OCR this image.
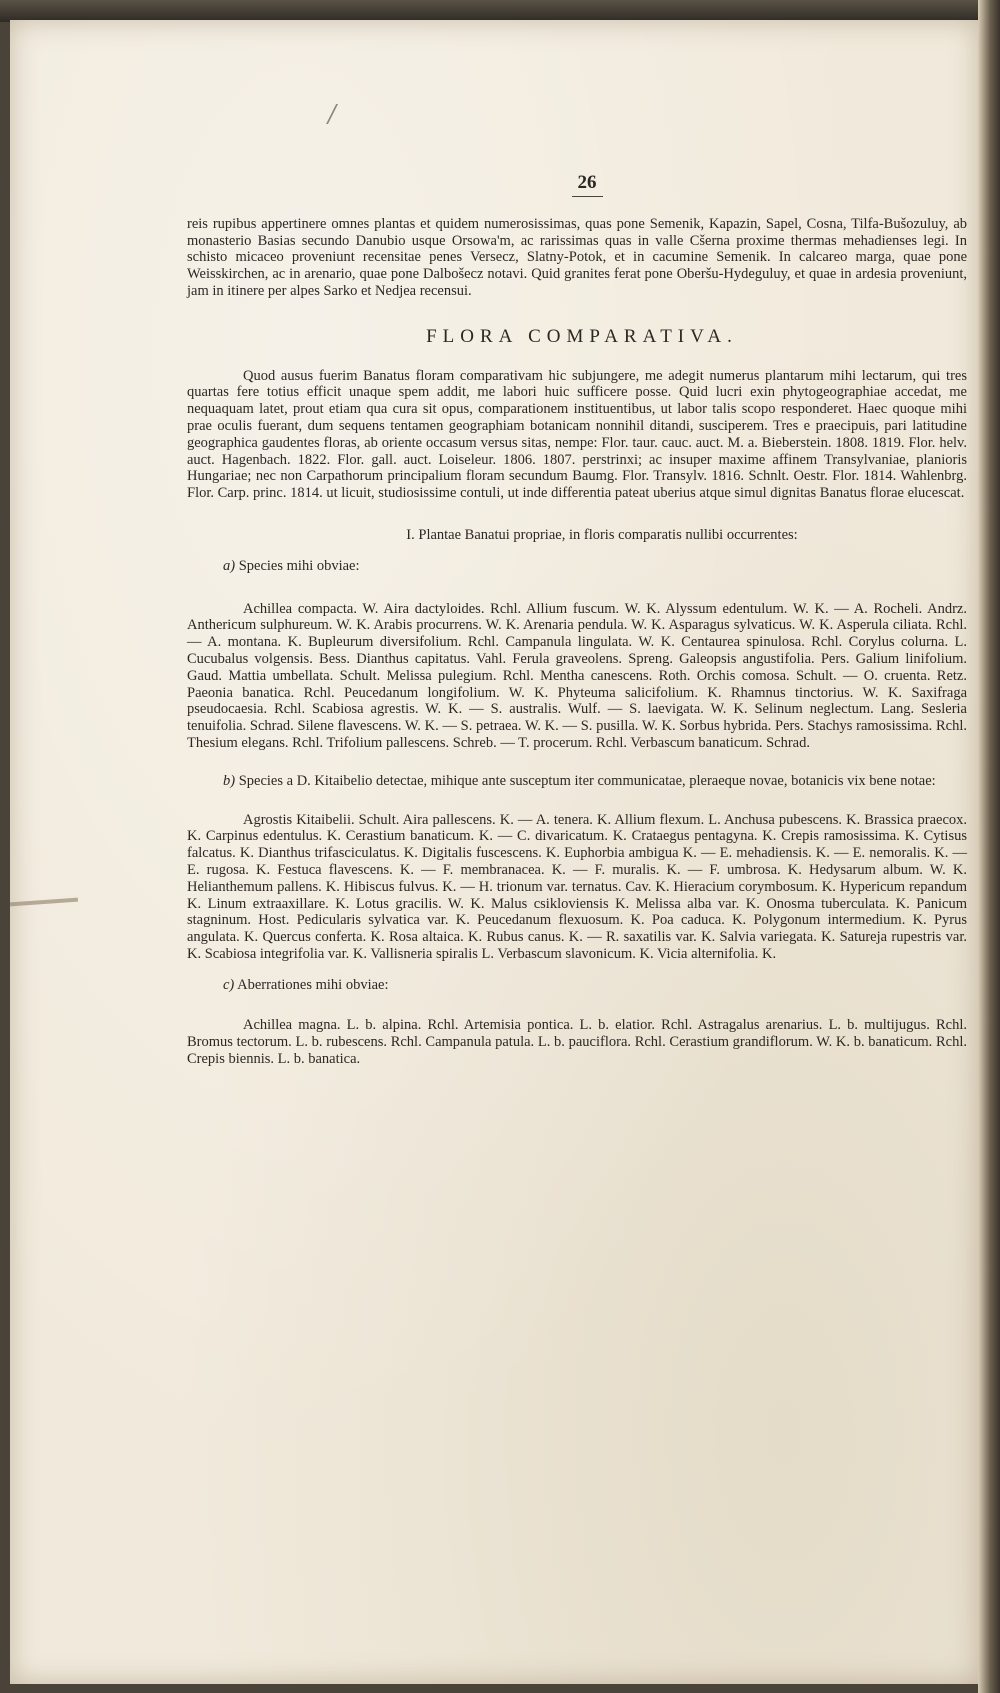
/
26

reis rupibus appertinere omnes plantas et quidem numerosissimas, quas pone Semenik, Kapazin, Sapel, Cosna, Tilfa-Bušozuluy, ab monasterio Basias secundo Danubio usque Orsowa'm, ac rarissimas quas in valle Cšerna proxime thermas mehadienses legi. In schisto micaceo proveniunt recensitae penes Versecz, Slatny-Potok, et in cacumine Semenik. In calcareo marga, quae pone Weisskirchen, ac in arenario, quae pone Dalbošecz notavi. Quid granites ferat pone Oberšu-Hydeguluy, et quae in ardesia proveniunt, jam in itinere per alpes Sarko et Nedjea recensui.

FLORA COMPARATIVA.

Quod ausus fuerim Banatus floram comparativam hic subjungere, me adegit numerus plantarum mihi lectarum, qui tres quartas fere totius efficit unaque spem addit, me labori huic sufficere posse. Quid lucri exin phytogeographiae accedat, me nequaquam latet, prout etiam qua cura sit opus, comparationem instituentibus, ut labor talis scopo responderet. Haec quoque mihi prae oculis fuerant, dum sequens tentamen geographiam botanicam nonnihil ditandi, susciperem. Tres e praecipuis, pari latitudine geographica gaudentes floras, ab oriente occasum versus sitas, nempe: Flor. taur. cauc. auct. M. a. Bieberstein. 1808. 1819. Flor. helv. auct. Hagenbach. 1822. Flor. gall. auct. Loiseleur. 1806. 1807. perstrinxi; ac insuper maxime affinem Transylvaniae, planioris Hungariae; nec non Carpathorum principalium floram secundum Baumg. Flor. Transylv. 1816. Schnlt. Oestr. Flor. 1814. Wahlenbrg. Flor. Carp. princ. 1814. ut licuit, studiosissime contuli, ut inde differentia pateat uberius atque simul dignitas Banatus florae elucescat.

I. Plantae Banatui propriae, in floris comparatis nullibi occurrentes:
a) Species mihi obviae:

Achillea compacta. W. Aira dactyloides. Rchl. Allium fuscum. W. K. Alyssum edentulum. W. K. — A. Rocheli. Andrz. Anthericum sulphureum. W. K. Arabis procurrens. W. K. Arenaria pendula. W. K. Asparagus sylvaticus. W. K. Asperula ciliata. Rchl. — A. montana. K. Bupleurum diversifolium. Rchl. Campanula lingulata. W. K. Centaurea spinulosa. Rchl. Corylus colurna. L. Cucubalus volgensis. Bess. Dianthus capitatus. Vahl. Ferula graveolens. Spreng. Galeopsis angustifolia. Pers. Galium linifolium. Gaud. Mattia umbellata. Schult. Melissa pulegium. Rchl. Mentha canescens. Roth. Orchis comosa. Schult. — O. cruenta. Retz. Paeonia banatica. Rchl. Peucedanum longifolium. W. K. Phyteuma salicifolium. K. Rhamnus tinctorius. W. K. Saxifraga pseudocaesia. Rchl. Scabiosa agrestis. W. K. — S. australis. Wulf. — S. laevigata. W. K. Selinum neglectum. Lang. Sesleria tenuifolia. Schrad. Silene flavescens. W. K. — S. petraea. W. K. — S. pusilla. W. K. Sorbus hybrida. Pers. Stachys ramosissima. Rchl. Thesium elegans. Rchl. Trifolium pallescens. Schreb. — T. procerum. Rchl. Verbascum banaticum. Schrad.

b) Species a D. Kitaibelio detectae, mihique ante susceptum iter communicatae, pleraeque novae, botanicis vix bene notae:

Agrostis Kitaibelii. Schult. Aira pallescens. K. — A. tenera. K. Allium flexum. L. Anchusa pubescens. K. Brassica praecox. K. Carpinus edentulus. K. Cerastium banaticum. K. — C. divaricatum. K. Crataegus pentagyna. K. Crepis ramosissima. K. Cytisus falcatus. K. Dianthus trifasciculatus. K. Digitalis fuscescens. K. Euphorbia ambigua K. — E. mehadiensis. K. — E. nemoralis. K. — E. rugosa. K. Festuca flavescens. K. — F. membranacea. K. — F. muralis. K. — F. umbrosa. K. Hedysarum album. W. K. Helianthemum pallens. K. Hibiscus fulvus. K. — H. trionum var. ternatus. Cav. K. Hieracium corymbosum. K. Hypericum repandum K. Linum extraaxillare. K. Lotus gracilis. W. K. Malus csikloviensis K. Melissa alba var. K. Onosma tuberculata. K. Panicum stagninum. Host. Pedicularis sylvatica var. K. Peucedanum flexuosum. K. Poa caduca. K. Polygonum intermedium. K. Pyrus angulata. K. Quercus conferta. K. Rosa altaica. K. Rubus canus. K. — R. saxatilis var. K. Salvia variegata. K. Satureja rupestris var. K. Scabiosa integrifolia var. K. Vallisneria spiralis L. Verbascum slavonicum. K. Vicia alternifolia. K.

c) Aberrationes mihi obviae:

Achillea magna. L. b. alpina. Rchl. Artemisia pontica. L. b. elatior. Rchl. Astragalus arenarius. L. b. multijugus. Rchl. Bromus tectorum. L. b. rubescens. Rchl. Campanula patula. L. b. pauciflora. Rchl. Cerastium grandiflorum. W. K. b. banaticum. Rchl. Crepis biennis. L. b. banatica.
